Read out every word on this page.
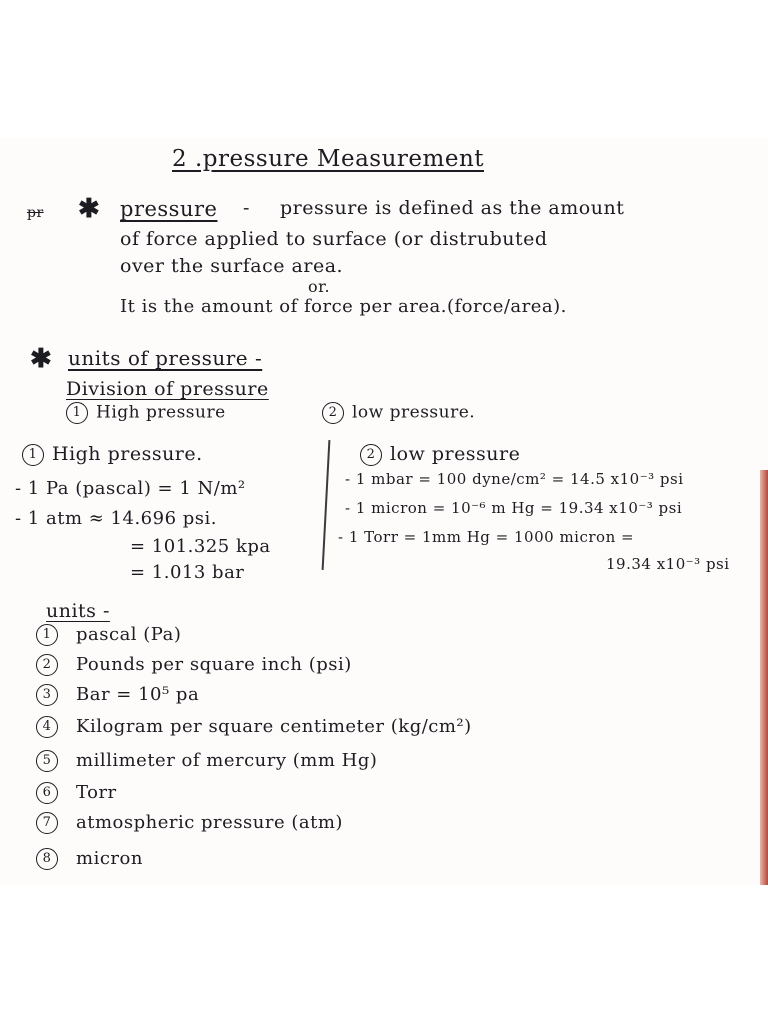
2 .pressure Measurement
pr ✱ pressure - pressure is defined as the amount
of force applied to surface (or distrubuted
over the surface area.
or.
It is the amount of force per area.(force/area).
✱ units of pressure -
Division of pressure
1 High pressure	2 low pressure.
1 High pressure.
- 1 Pa (pascal) = 1 N/m²
- 1 atm ≈ 14.696 psi.
= 101.325 kpa
= 1.013 bar
2 low pressure
- 1 mbar = 100 dyne/cm² = 14.5 x10⁻³ psi
- 1 micron = 10⁻⁶ m Hg = 19.34 x10⁻³ psi
- 1 Torr = 1mm Hg = 1000 micron =
19.34 x10⁻³ psi
units -
1 pascal (Pa)
2 Pounds per square inch (psi)
3 Bar = 10⁵ pa
4 Kilogram per square centimeter (kg/cm²)
5 millimeter of mercury (mm Hg)
6 Torr
7 atmospheric pressure (atm)
8 micron
